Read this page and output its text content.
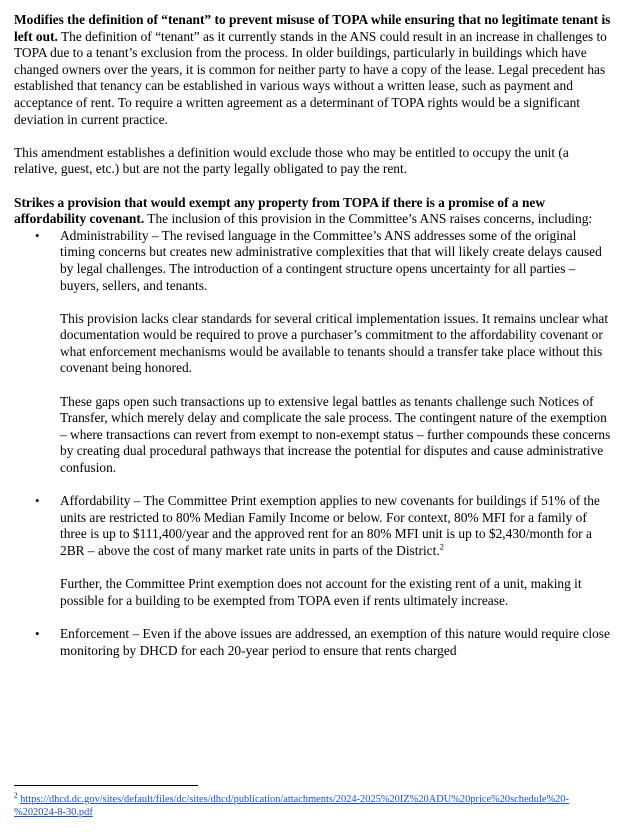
Modifies the definition of “tenant” to prevent misuse of TOPA while ensuring that no legitimate tenant is left out. The definition of “tenant” as it currently stands in the ANS could result in an increase in challenges to TOPA due to a tenant’s exclusion from the process. In older buildings, particularly in buildings which have changed owners over the years, it is common for neither party to have a copy of the lease. Legal precedent has established that tenancy can be established in various ways without a written lease, such as payment and acceptance of rent. To require a written agreement as a determinant of TOPA rights would be a significant deviation in current practice.

This amendment establishes a definition would exclude those who may be entitled to occupy the unit (a relative, guest, etc.) but are not the party legally obligated to pay the rent.

Strikes a provision that would exempt any property from TOPA if there is a promise of a new affordability covenant. The inclusion of this provision in the Committee’s ANS raises concerns, including:

• Administrability – The revised language in the Committee’s ANS addresses some of the original timing concerns but creates new administrative complexities that that will likely create delays caused by legal challenges. The introduction of a contingent structure opens uncertainty for all parties – buyers, sellers, and tenants.

This provision lacks clear standards for several critical implementation issues. It remains unclear what documentation would be required to prove a purchaser’s commitment to the affordability covenant or what enforcement mechanisms would be available to tenants should a transfer take place without this covenant being honored.

These gaps open such transactions up to extensive legal battles as tenants challenge such Notices of Transfer, which merely delay and complicate the sale process. The contingent nature of the exemption – where transactions can revert from exempt to non-exempt status – further compounds these concerns by creating dual procedural pathways that increase the potential for disputes and cause administrative confusion.

• Affordability – The Committee Print exemption applies to new covenants for buildings if 51% of the units are restricted to 80% Median Family Income or below. For context, 80% MFI for a family of three is up to $111,400/year and the approved rent for an 80% MFI unit is up to $2,430/month for a 2BR – above the cost of many market rate units in parts of the District.$^2$

Further, the Committee Print exemption does not account for the existing rent of a unit, making it possible for a building to be exempted from TOPA even if rents ultimately increase.

• Enforcement – Even if the above issues are addressed, an exemption of this nature would require close monitoring by DHCD for each 20-year period to ensure that rents charged

$^2$ https://dhcd.dc.gov/sites/default/files/dc/sites/dhcd/publication/attachments/2024-2025%20IZ%20ADU%20price%20schedule%20-%202024-8-30.pdf
